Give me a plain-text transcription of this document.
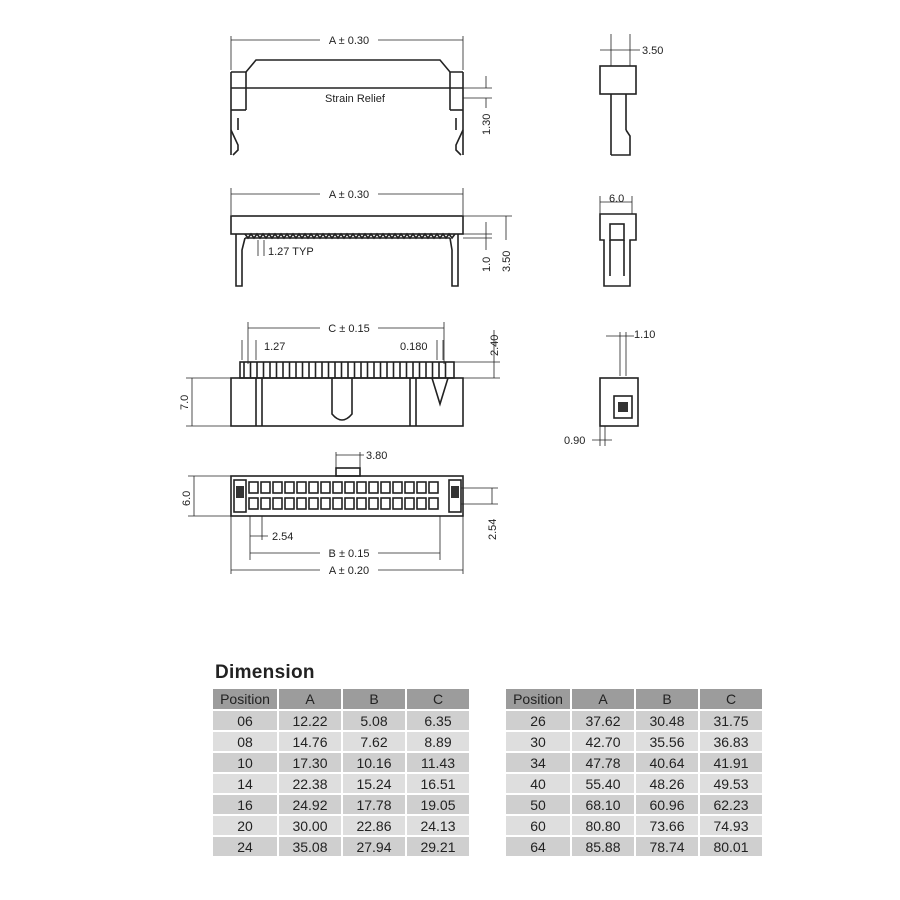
A ± 0.30
Strain Relief
1.30
3.50
A ± 0.30
1.27 TYP
1.0 3.50
6.0
C ± 0.15
1.27	0.180	2.40
7.0
1.10
0.90
3.80
6.0
2.54
2.54
B ± 0.15
A ± 0.20
Dimension
Position	A	B	C
06	12.22	5.08	6.35
08	14.76	7.62	8.89
10	17.30	10.16	11.43
14	22.38	15.24	16.51
16	24.92	17.78	19.05
20	30.00	22.86	24.13
24	35.08	27.94	29.21
Position	A	B	C
26	37.62	30.48	31.75
30	42.70	35.56	36.83
34	47.78	40.64	41.91
40	55.40	48.26	49.53
50	68.10	60.96	62.23
60	80.80	73.66	74.93
64	85.88	78.74	80.01
